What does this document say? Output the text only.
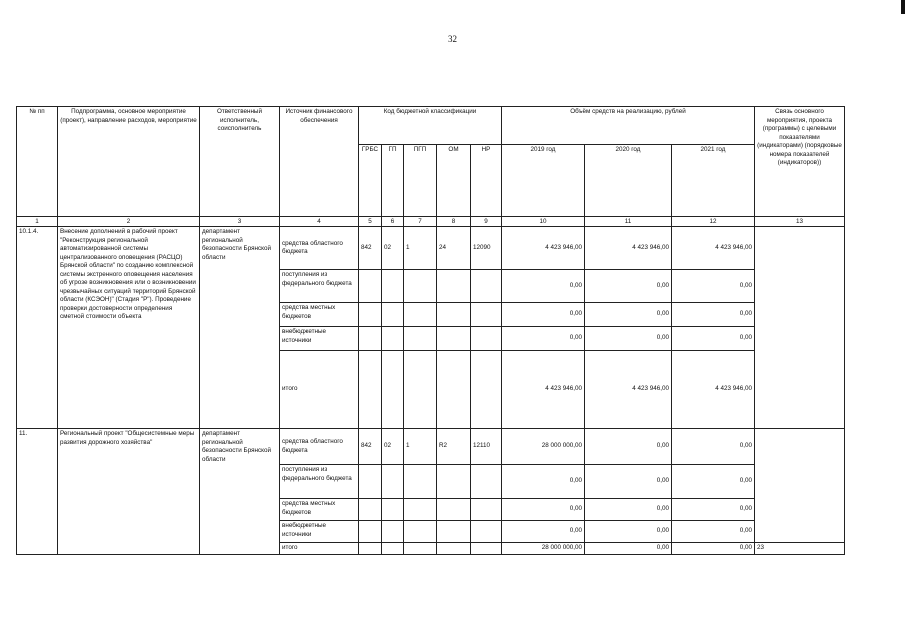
32
№ пп	Подпрограмма, основное мероприятие (проект), направление расходов, мероприятие	Ответственный исполнитель, соисполнитель	Источник финансового обеспечения	Код бюджетной классификации					Объём средств на реализацию, рублей			Связь основного мероприятия, проекта (программы) с целевыми показателями (индикаторами) (порядковые номера показателей (индикаторов))
				ГРБС	ГП	ПГП	ОМ	НР	2019 год	2020 год	2021 год	
1	2	3	4	5	6	7	8	9	10	11	12	13
10.1.4.	Внесение дополнений в рабочий проект "Реконструкция региональной автоматизированной системы централизованного оповещения (РАСЦО) Брянской области" по созданию комплексной системы экстренного оповещения населения об угрозе возникновения или о возникновении чрезвычайных ситуаций территорий Брянской области (КСЭОН)" (Стадия "Р"). Проведение проверки достоверности определения сметной стоимости объекта	департамент региональной безопасности Брянской области	средства областного бюджета	842	02	1	24	12090	4 423 946,00	4 423 946,00	4 423 946,00	
			поступления из федерального бюджета						0,00	0,00	0,00	
			средства местных бюджетов						0,00	0,00	0,00	
			внебюджетные источники						0,00	0,00	0,00	
			итого						4 423 946,00	4 423 946,00	4 423 946,00	
11.	Региональный проект "Общесистемные меры развития дорожного хозяйства"	департамент региональной безопасности Брянской области	средства областного бюджета	842	02	1	R2	12110	28 000 000,00	0,00	0,00	
			поступления из федерального бюджета						0,00	0,00	0,00	
			средства местных бюджетов						0,00	0,00	0,00	
			внебюджетные источники						0,00	0,00	0,00	
			итого						28 000 000,00	0,00	0,00	23
